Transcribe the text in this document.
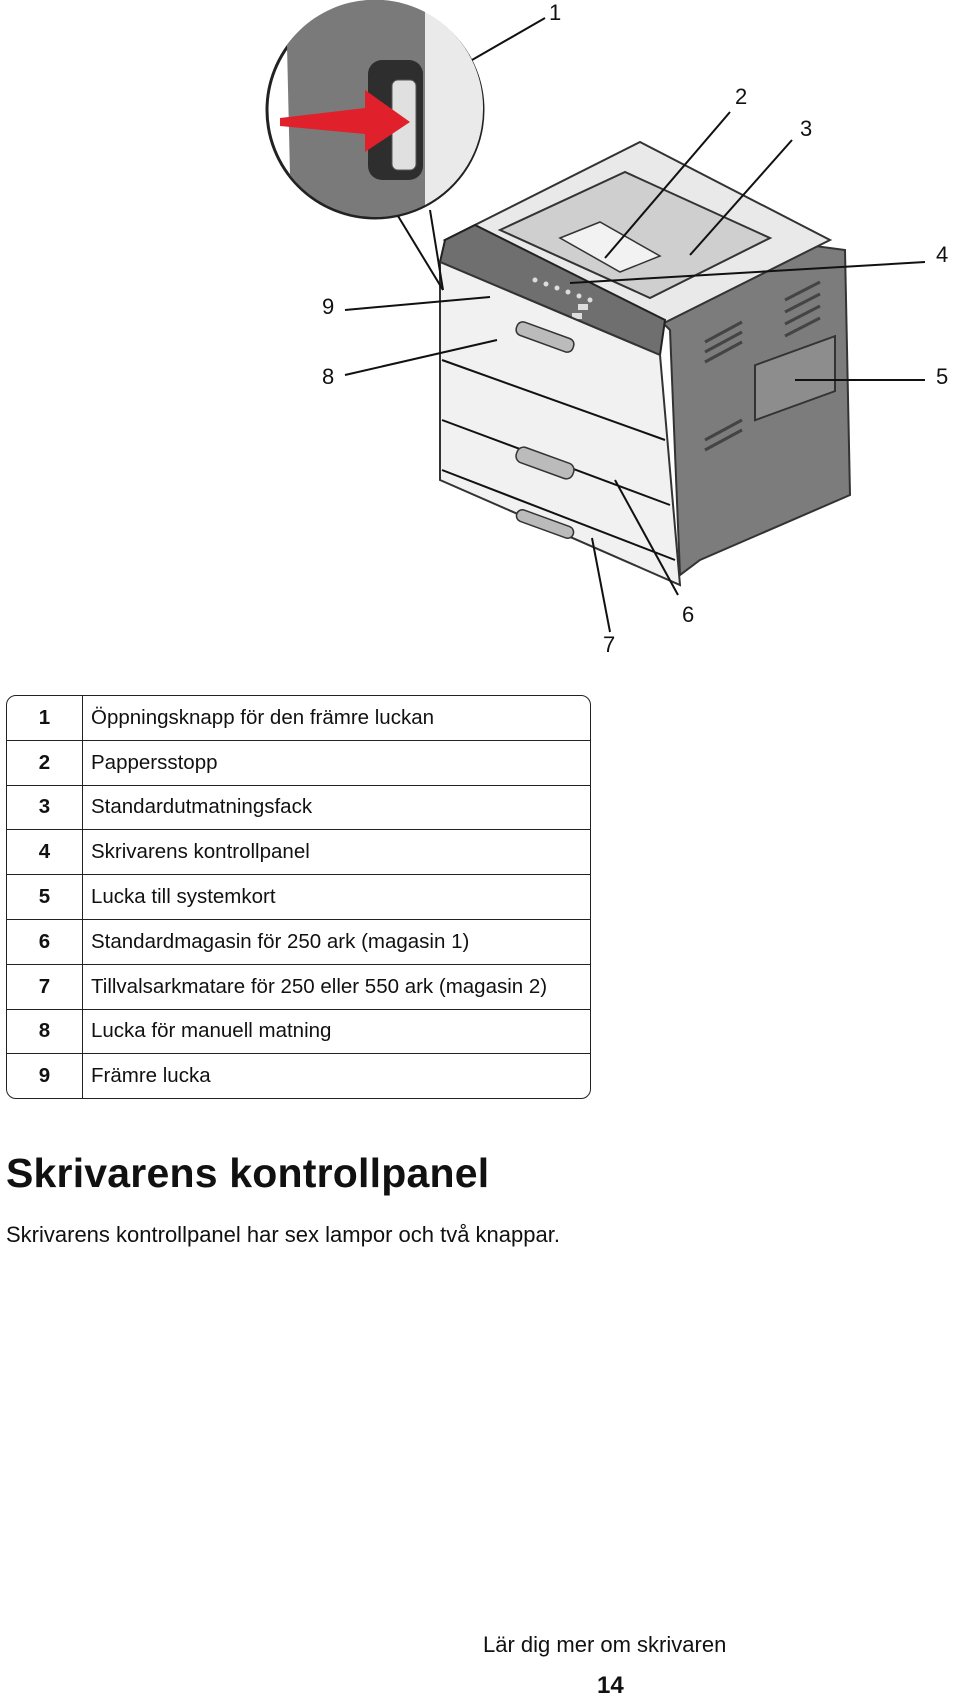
1
2
3
4
5
6
7
8
9
1	Öppningsknapp för den främre luckan
2	Pappersstopp
3	Standardutmatningsfack
4	Skrivarens kontrollpanel
5	Lucka till systemkort
6	Standardmagasin för 250 ark (magasin 1)
7	Tillvalsarkmatare för 250 eller 550 ark (magasin 2)
8	Lucka för manuell matning
9	Främre lucka
Skrivarens kontrollpanel

Skrivarens kontrollpanel har sex lampor och två knappar.

Lär dig mer om skrivaren
14
